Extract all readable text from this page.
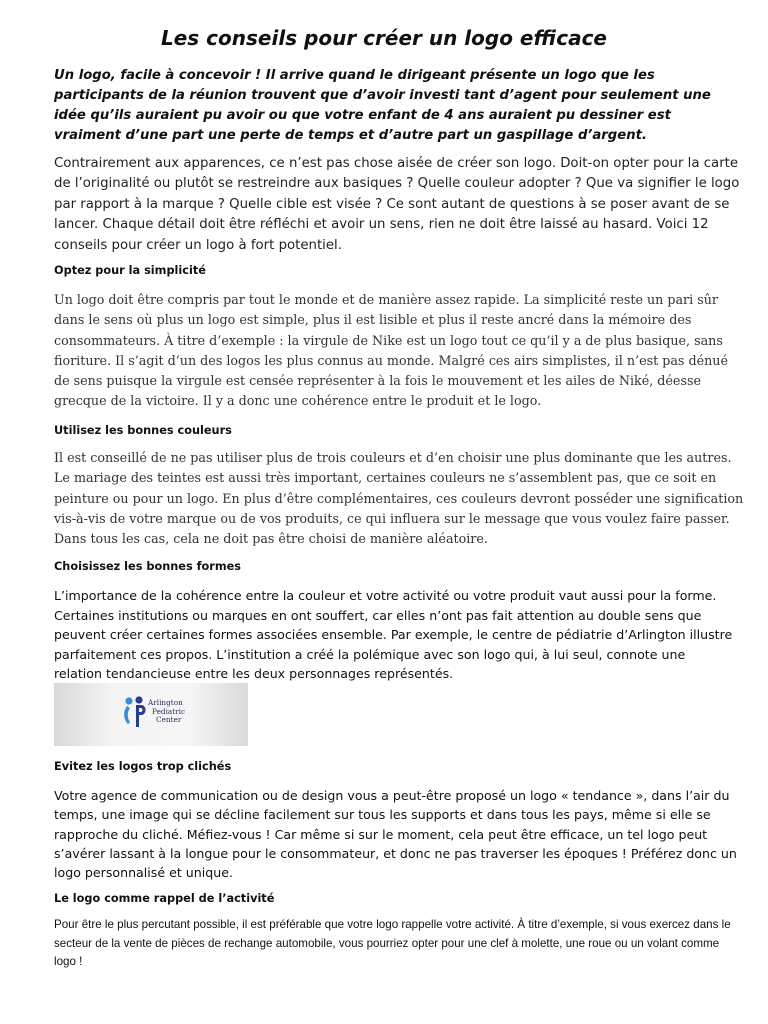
Les conseils pour créer un logo efficace
Un logo, facile à concevoir ! Il arrive quand le dirigeant présente un logo que les participants de la réunion trouvent que d’avoir investi tant d’agent pour seulement une idée qu’ils auraient pu avoir ou que votre enfant de 4 ans auraient pu dessiner est vraiment d’une part une perte de temps et d’autre part un gaspillage d’argent.
Contrairement aux apparences, ce n’est pas chose aisée de créer son logo. Doit-on opter pour la carte de l’originalité ou plutôt se restreindre aux basiques ? Quelle couleur adopter ? Que va signifier le logo par rapport à la marque ? Quelle cible est visée ? Ce sont autant de questions à se poser avant de se lancer. Chaque détail doit être réfléchi et avoir un sens, rien ne doit être laissé au hasard. Voici 12 conseils pour créer un logo à fort potentiel.
Optez pour la simplicité
Un logo doit être compris par tout le monde et de manière assez rapide. La simplicité reste un pari sûr dans le sens où plus un logo est simple, plus il est lisible et plus il reste ancré dans la mémoire des consommateurs. À titre d’exemple : la virgule de Nike est un logo tout ce qu’il y a de plus basique, sans fioriture. Il s’agit d’un des logos les plus connus au monde. Malgré ces airs simplistes, il n’est pas dénué de sens puisque la virgule est censée représenter à la fois le mouvement et les ailes de Niké, déesse grecque de la victoire. Il y a donc une cohérence entre le produit et le logo.
Utilisez les bonnes couleurs
Il est conseillé de ne pas utiliser plus de trois couleurs et d’en choisir une plus dominante que les autres. Le mariage des teintes est aussi très important, certaines couleurs ne s’assemblent pas, que ce soit en peinture ou pour un logo. En plus d’être complémentaires, ces couleurs devront posséder une signification vis-à-vis de votre marque ou de vos produits, ce qui influera sur le message que vous voulez faire passer. Dans tous les cas, cela ne doit pas être choisi de manière aléatoire.
Choisissez les bonnes formes
L’importance de la cohérence entre la couleur et votre activité ou votre produit vaut aussi pour la forme. Certaines institutions ou marques en ont souffert, car elles n’ont pas fait attention au double sens que peuvent créer certaines formes associées ensemble. Par exemple, le centre de pédiatrie d’Arlington illustre parfaitement ces propos. L’institution a créé la polémique avec son logo qui, à lui seul, connote une relation tendancieuse entre les deux personnages représentés.
Arlington
Pediatric
Center
Evitez les logos trop clichés
Votre agence de communication ou de design vous a peut-être proposé un logo « tendance », dans l’air du temps, une image qui se décline facilement sur tous les supports et dans tous les pays, même si elle se rapproche du cliché. Méfiez-vous ! Car même si sur le moment, cela peut être efficace, un tel logo peut s’avérer lassant à la longue pour le consommateur, et donc ne pas traverser les époques ! Préférez donc un logo personnalisé et unique.
Le logo comme rappel de l’activité
Pour être le plus percutant possible, il est préférable que votre logo rappelle votre activité. À titre d’exemple, si vous exercez dans le secteur de la vente de pièces de rechange automobile, vous pourriez opter pour une clef à molette, une roue ou un volant comme logo !
